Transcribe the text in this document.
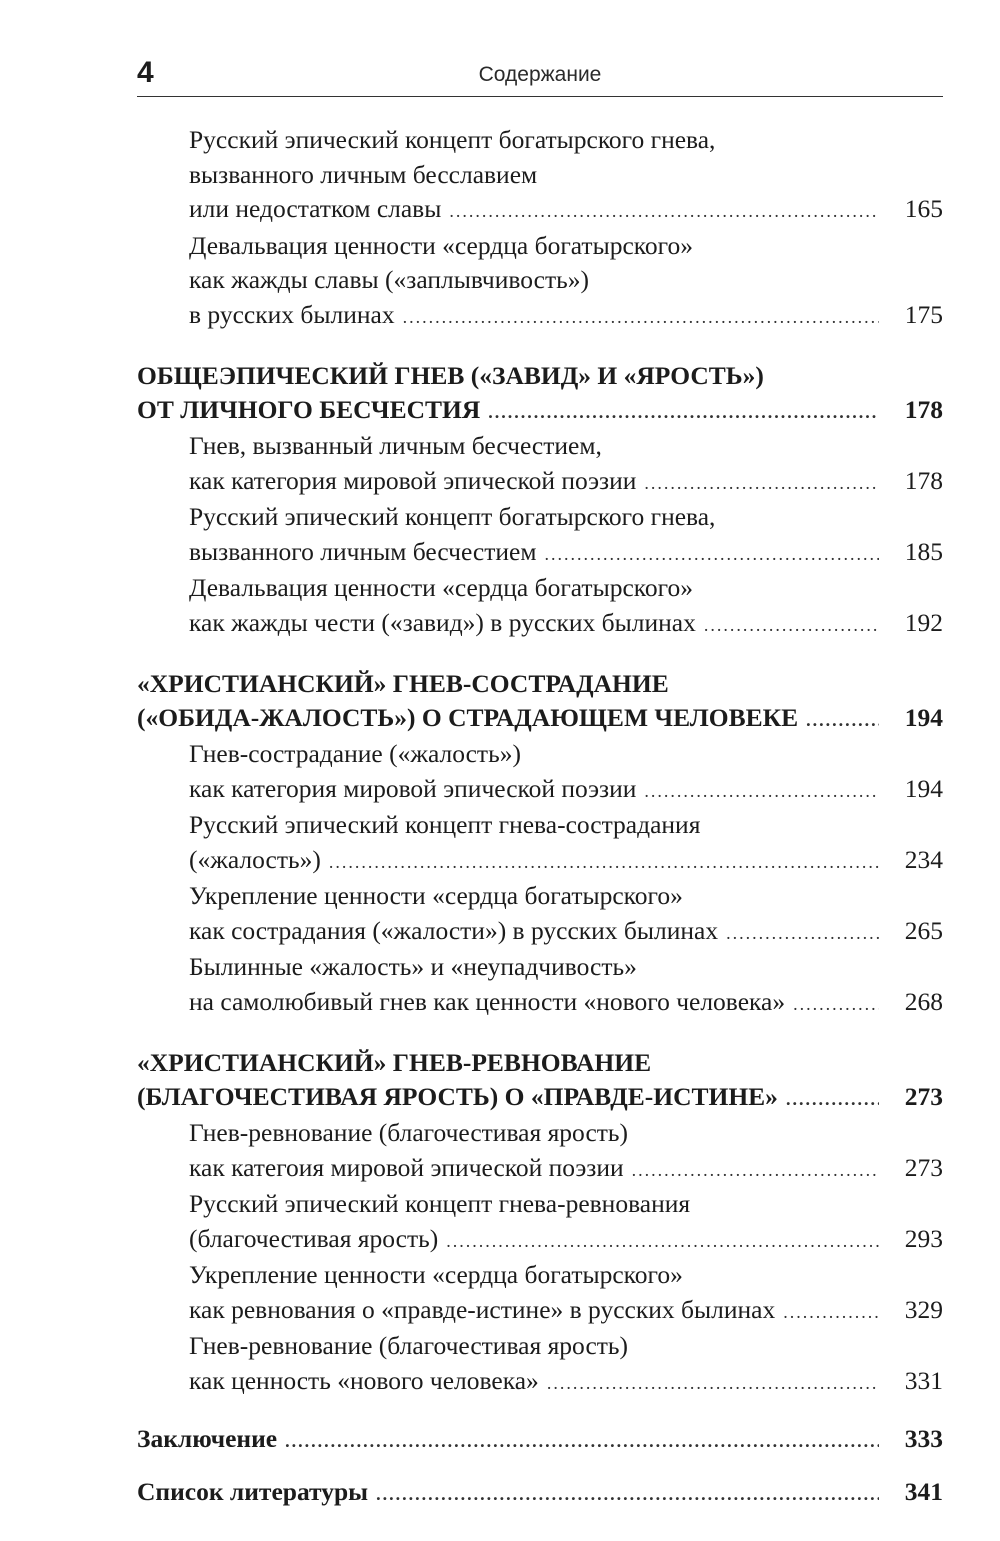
4	Содержание
Русский эпический концепт богатырского гнева,
вызванного личным бесславием
или недостатком славы .....	165
Девальвация ценности «сердца богатырского»
как жажды славы («заплывчивость»)
в русских былинах .....	175
ОБЩЕЭПИЧЕСКИЙ ГНЕВ («ЗАВИД» И «ЯРОСТЬ»)
ОТ ЛИЧНОГО БЕСЧЕСТИЯ .....	178
Гнев, вызванный личным бесчестием,
как категория мировой эпической поэзии .....	178
Русский эпический концепт богатырского гнева,
вызванного личным бесчестием .....	185
Девальвация ценности «сердца богатырского»
как жажды чести («завид») в русских былинах .....	192
«ХРИСТИАНСКИЙ» ГНЕВ-СОСТРАДАНИЕ
(«ОБИДА-ЖАЛОСТЬ») О СТРАДАЮЩЕМ ЧЕЛОВЕКЕ .....	194
Гнев-сострадание («жалость»)
как категория мировой эпической поэзии .....	194
Русский эпический концепт гнева-сострадания
(«жалость») .....	234
Укрепление ценности «сердца богатырского»
как сострадания («жалости») в русских былинах .....	265
Былинные «жалость» и «неупадчивость»
на самолюбивый гнев как ценности «нового человека» .....	268
«ХРИСТИАНСКИЙ» ГНЕВ-РЕВНОВАНИЕ
(БЛАГОЧЕСТИВАЯ ЯРОСТЬ) О «ПРАВДЕ-ИСТИНЕ» .....	273
Гнев-ревнование (благочестивая ярость)
как категоия мировой эпической поэзии .....	273
Русский эпический концепт гнева-ревнования
(благочестивая ярость) .....	293
Укрепление ценности «сердца богатырского»
как ревнования о «правде-истине» в русских былинах .....	329
Гнев-ревнование (благочестивая ярость)
как ценность «нового человека» .....	331
Заключение .....	333
Список литературы .....	341
